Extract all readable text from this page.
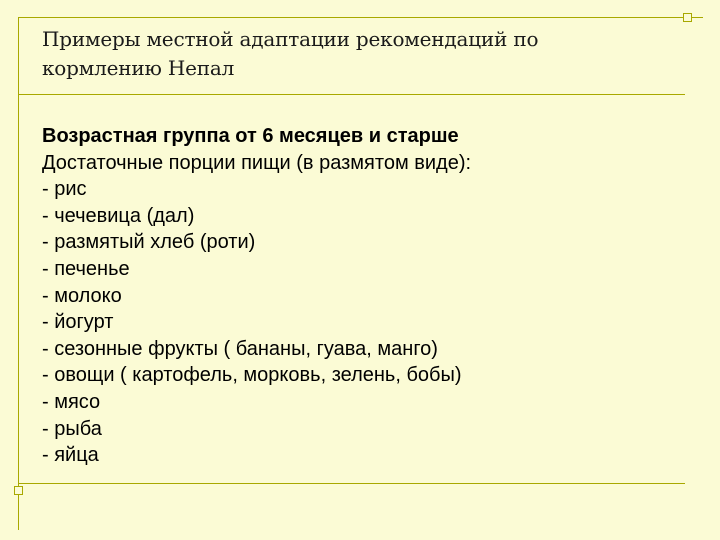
Примеры местной адаптации рекомендаций по кормлению Непал
Возрастная группа от 6 месяцев и старше
Достаточные порции пищи (в размятом виде):
- рис
- чечевица (дал)
- размятый хлеб (роти)
- печенье
- молоко
- йогурт
- сезонные фрукты ( бананы, гуава, манго)
- овощи ( картофель, морковь, зелень, бобы)
- мясо
- рыба
- яйца
